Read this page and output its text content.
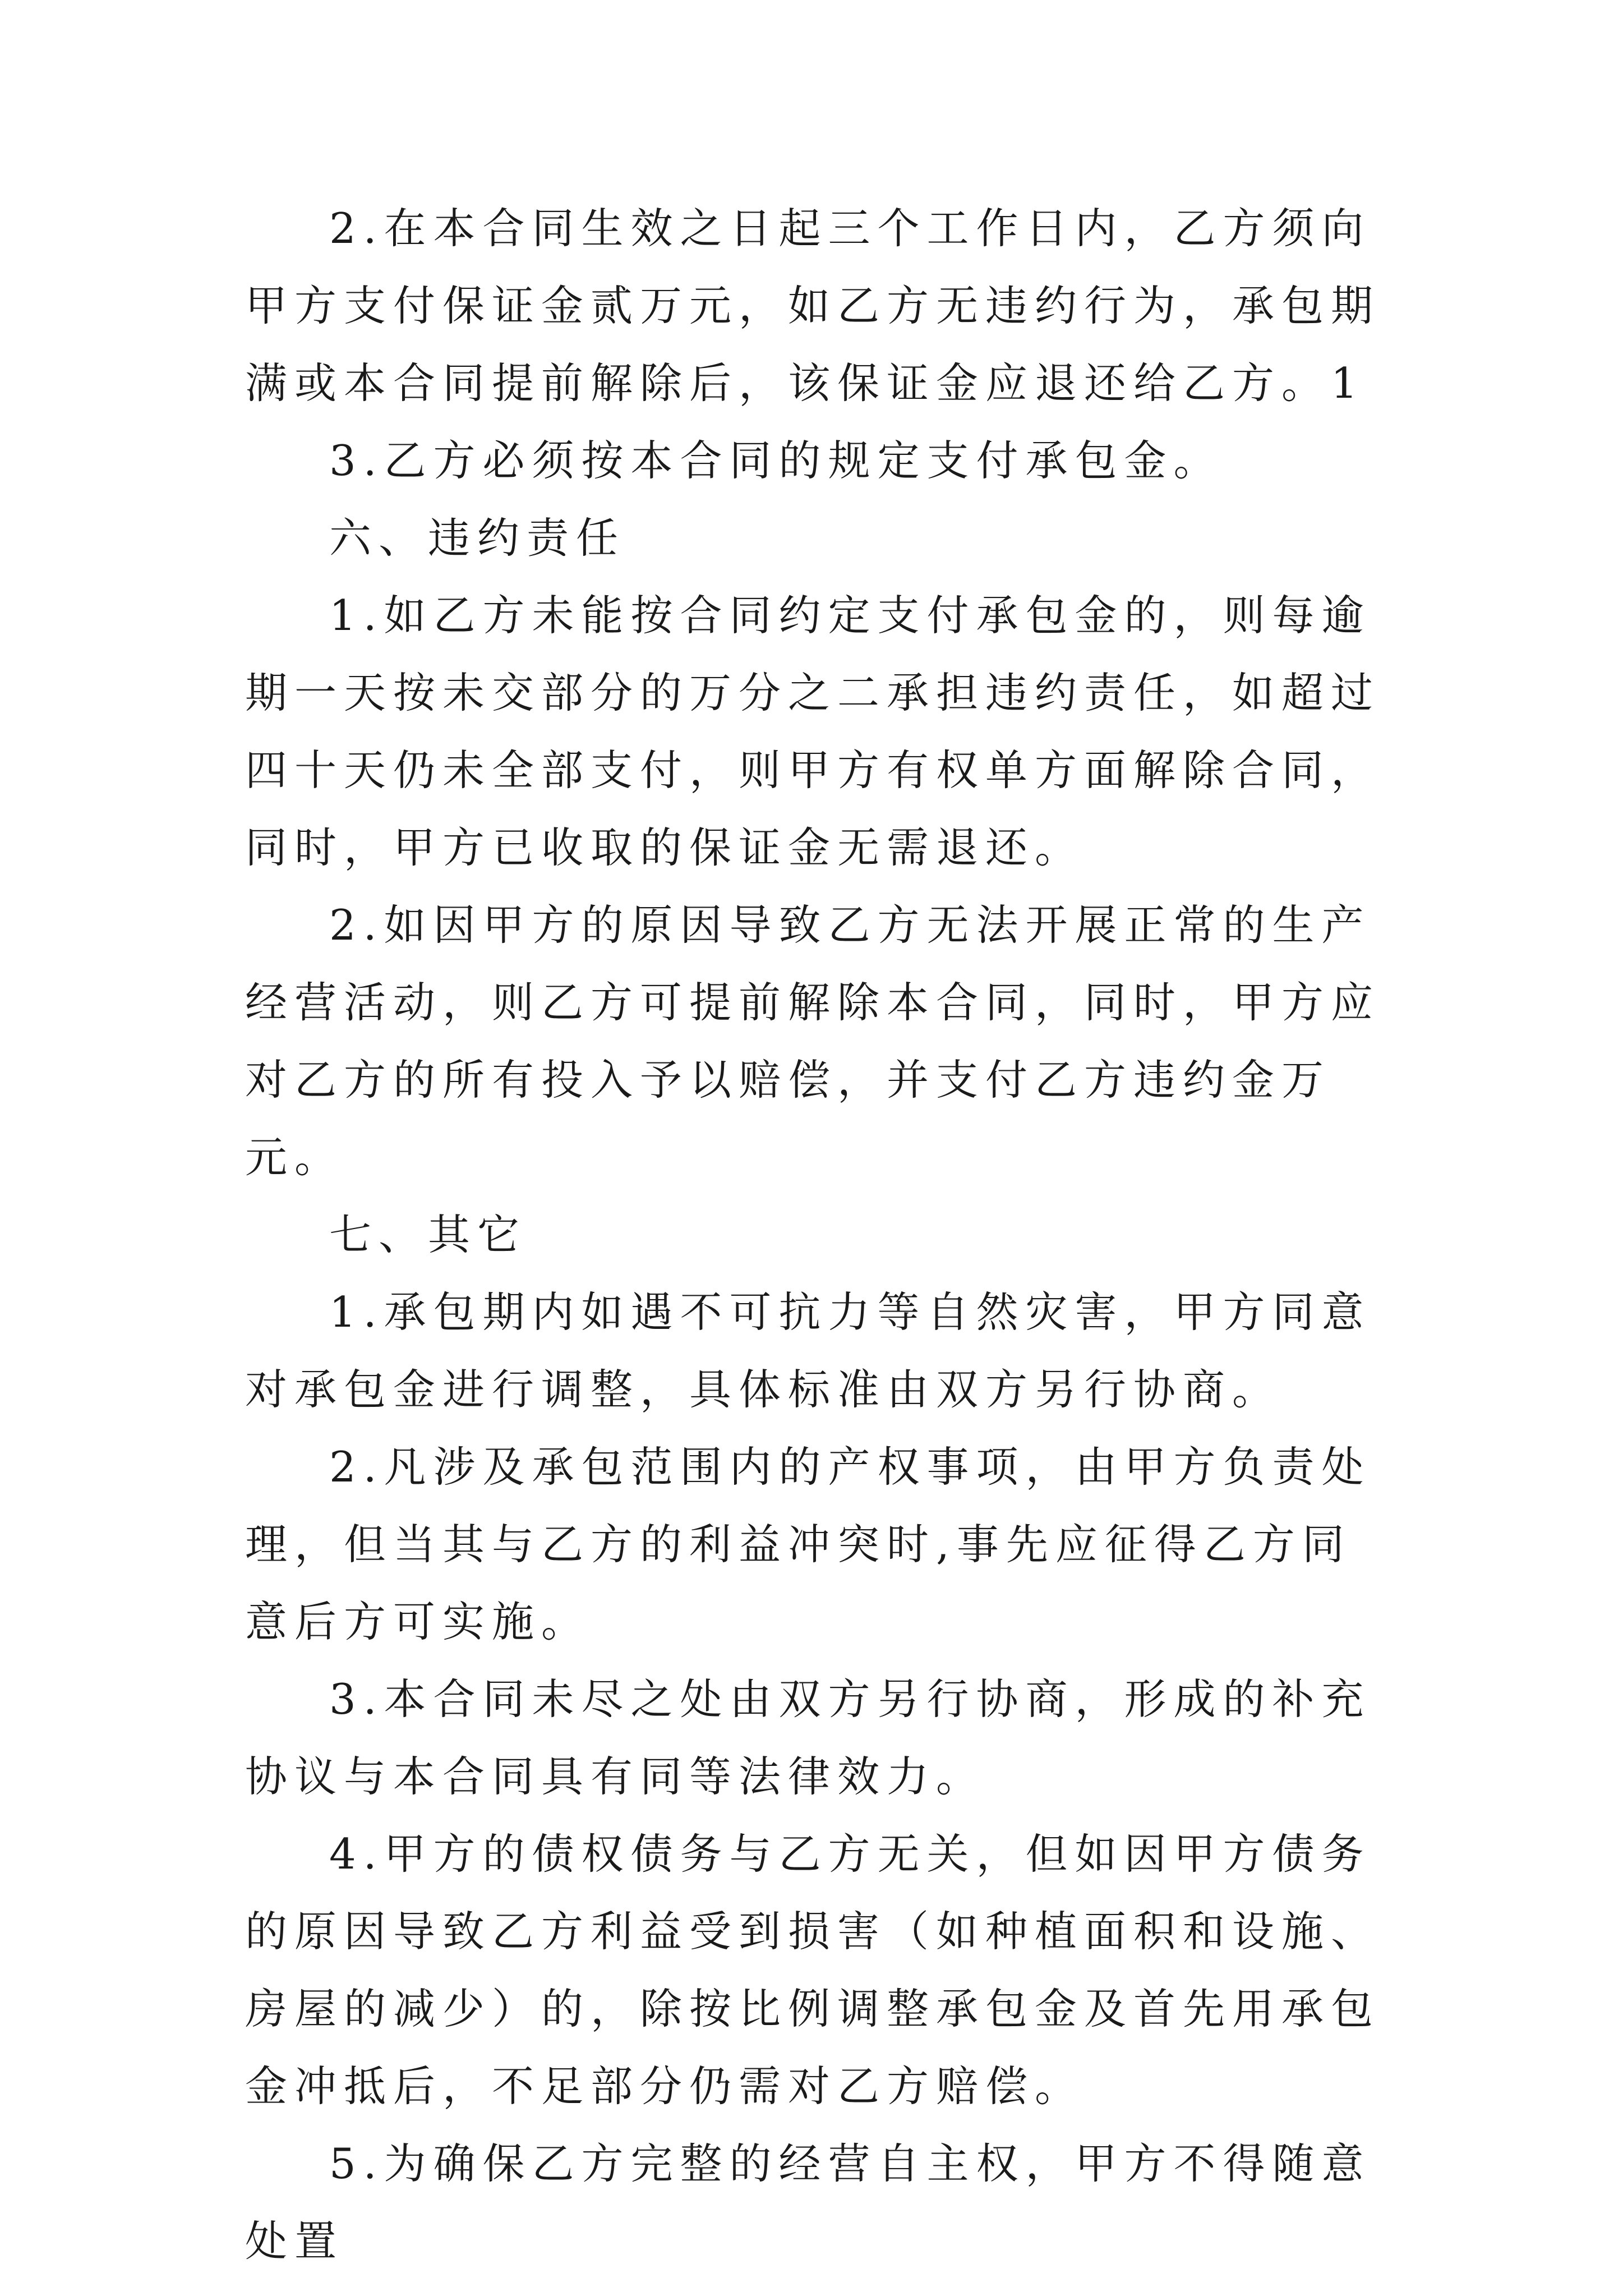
2.在本合同生效之日起三个工作日内，乙方须向甲方支付保证金贰万元，如乙方无违约行为，承包期满或本合同提前解除后，该保证金应退还给乙方。1

3.乙方必须按本合同的规定支付承包金。

六、违约责任

1.如乙方未能按合同约定支付承包金的，则每逾期一天按未交部分的万分之二承担违约责任，如超过四十天仍未全部支付，则甲方有权单方面解除合同，同时，甲方已收取的保证金无需退还。

2.如因甲方的原因导致乙方无法开展正常的生产经营活动，则乙方可提前解除本合同，同时，甲方应对乙方的所有投入予以赔偿，并支付乙方违约金万元。

七、其它

1.承包期内如遇不可抗力等自然灾害，甲方同意对承包金进行调整，具体标准由双方另行协商。

2.凡涉及承包范围内的产权事项，由甲方负责处理，但当其与乙方的利益冲突时,事先应征得乙方同意后方可实施。

3.本合同未尽之处由双方另行协商，形成的补充协议与本合同具有同等法律效力。

4.甲方的债权债务与乙方无关，但如因甲方债务的原因导致乙方利益受到损害（如种植面积和设施、房屋的减少）的，除按比例调整承包金及首先用承包金冲抵后，不足部分仍需对乙方赔偿。

5.为确保乙方完整的经营自主权，甲方不得随意处置
